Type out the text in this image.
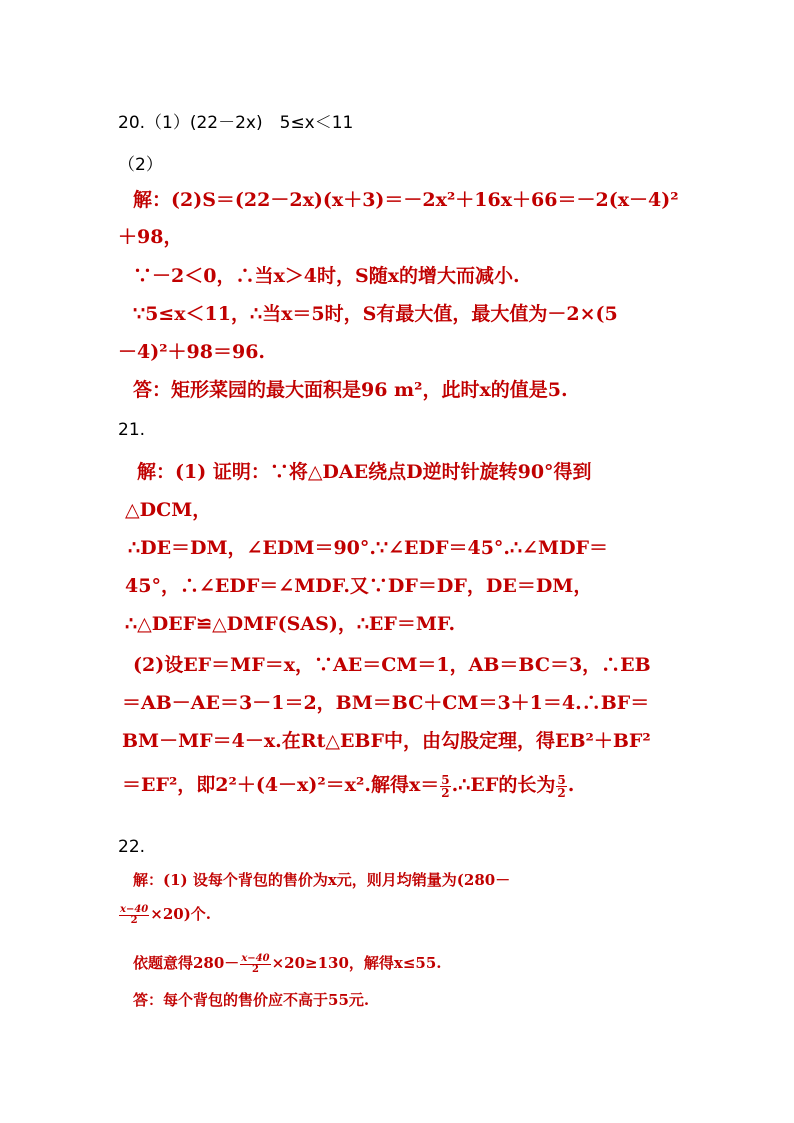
20.（1）(22－2x)　5≤x＜11
（2）
解：(2)S＝(22－2x)(x＋3)＝－2x²＋16x＋66＝－2(x－4)²
＋98，
∵－2＜0，∴当x＞4时，S随x的增大而减小.
∵5≤x＜11，∴当x＝5时，S有最大值，最大值为－2×(5
－4)²＋98＝96.
答：矩形菜园的最大面积是96 m²，此时x的值是5.
21.
解：(1) 证明：∵将△DAE绕点D逆时针旋转90°得到
△DCM，
∴DE＝DM，∠EDM＝90°.∵∠EDF＝45°.∴∠MDF＝
45°，∴∠EDF＝∠MDF.又∵DF＝DF，DE＝DM，
∴△DEF≌△DMF(SAS)，∴EF＝MF.
(2)设EF＝MF＝x，∵AE＝CM＝1，AB＝BC＝3，∴EB
＝AB－AE＝3－1＝2，BM＝BC＋CM＝3＋1＝4.∴BF＝
BM－MF＝4－x.在Rt△EBF中，由勾股定理，得EB²＋BF²
＝EF²，即2²＋(4－x)²＝x².解得$x= \frac{5}{2}$ .∴EF的长为 $\frac{5}{2}$ .
22.
解：(1) 设每个背包的售价为x元，则月均销量为(280－
$\frac{x-40}{2} \times 20$)个.
依题意得$280- \frac{x-40}{2} \times 20\ge 130$，解得x≤55.
答：每个背包的售价应不高于55元.
